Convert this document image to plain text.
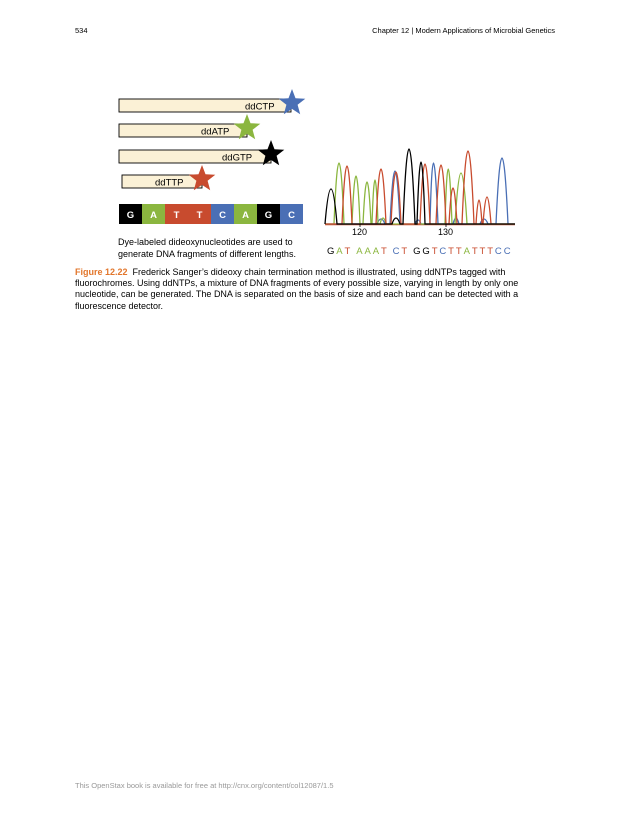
534	Chapter 12 | Modern Applications of Microbial Genetics
ddCTP
ddATP
ddGTP
ddTTP
G A T T C A G C
120	130
Dye-labeled dideoxynucleotides are used to generate DNA fragments of different lengths.	G A T A A A T C T G G T C T T A T T T C C
Figure 12.22 Frederick Sanger’s dideoxy chain termination method is illustrated, using ddNTPs tagged with fluorochromes. Using ddNTPs, a mixture of DNA fragments of every possible size, varying in length by only one nucleotide, can be generated. The DNA is separated on the basis of size and each band can be detected with a fluorescence detector.
This OpenStax book is available for free at http://cnx.org/content/col12087/1.5
